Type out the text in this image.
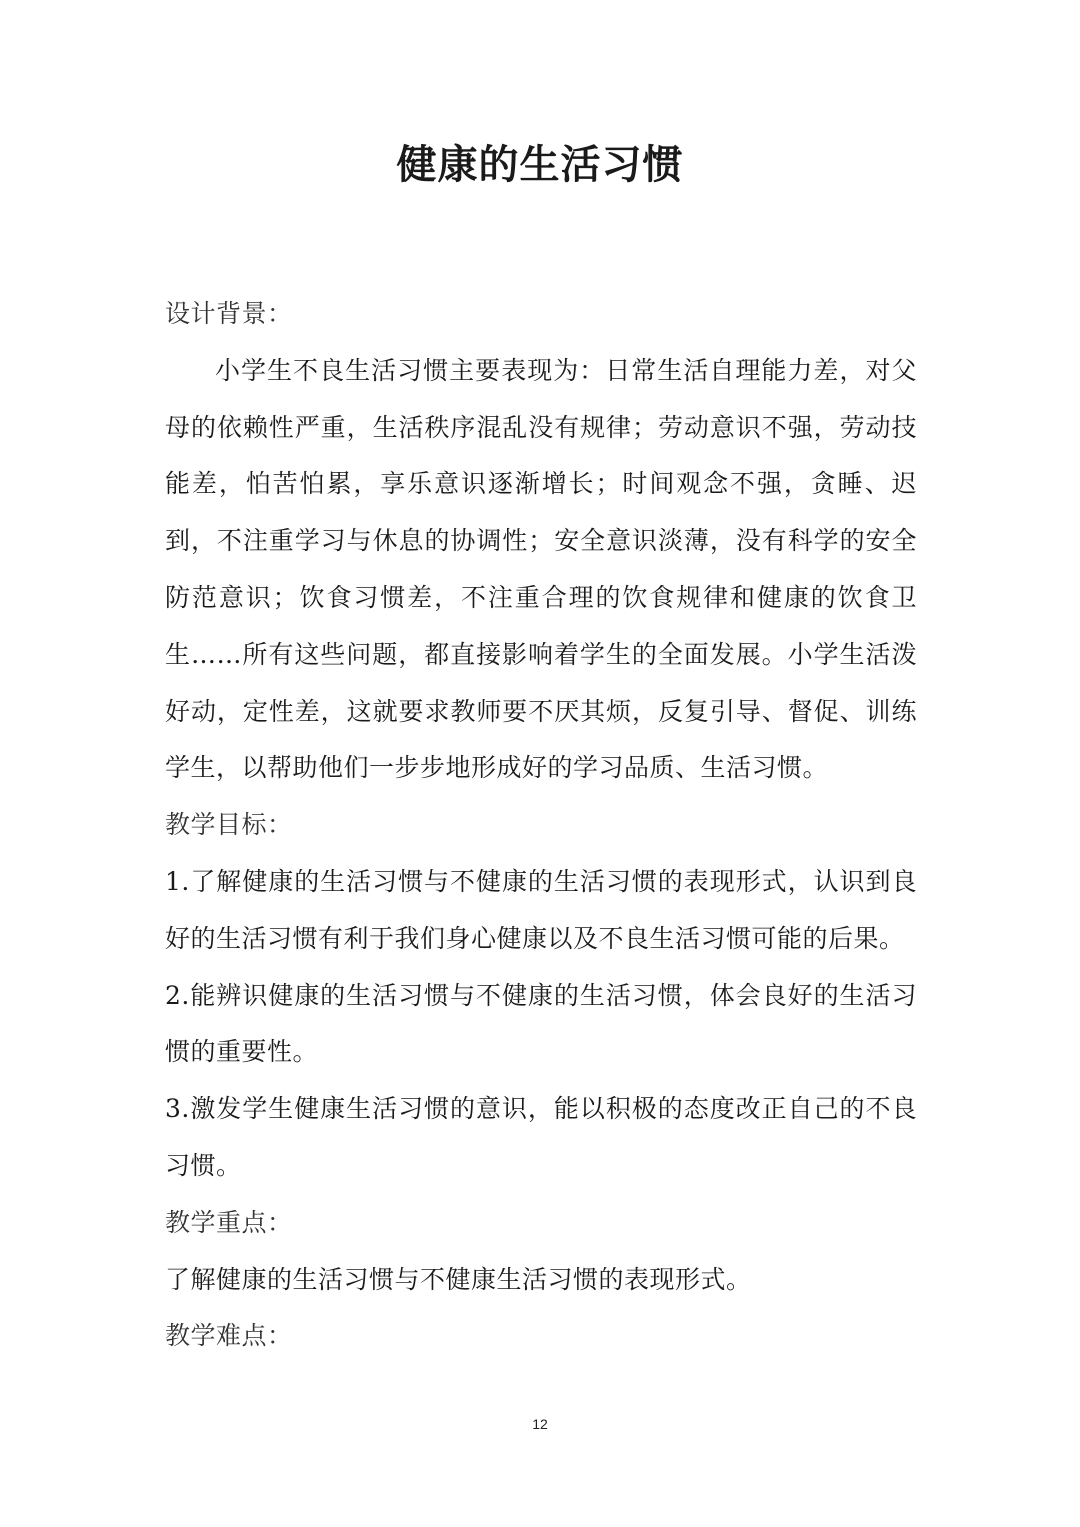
健康的生活习惯

设计背景：

小学生不良生活习惯主要表现为：日常生活自理能力差，对父母的依赖性严重，生活秩序混乱没有规律；劳动意识不强，劳动技能差，怕苦怕累，享乐意识逐渐增长；时间观念不强，贪睡、迟到，不注重学习与休息的协调性；安全意识淡薄，没有科学的安全防范意识；饮食习惯差，不注重合理的饮食规律和健康的饮食卫生……所有这些问题，都直接影响着学生的全面发展。小学生活泼好动，定性差，这就要求教师要不厌其烦，反复引导、督促、训练学生，以帮助他们一步步地形成好的学习品质、生活习惯。

教学目标：

1.了解健康的生活习惯与不健康的生活习惯的表现形式，认识到良好的生活习惯有利于我们身心健康以及不良生活习惯可能的后果。

2.能辨识健康的生活习惯与不健康的生活习惯，体会良好的生活习惯的重要性。

3.激发学生健康生活习惯的意识，能以积极的态度改正自己的不良习惯。

教学重点：

了解健康的生活习惯与不健康生活习惯的表现形式。

教学难点：

12
